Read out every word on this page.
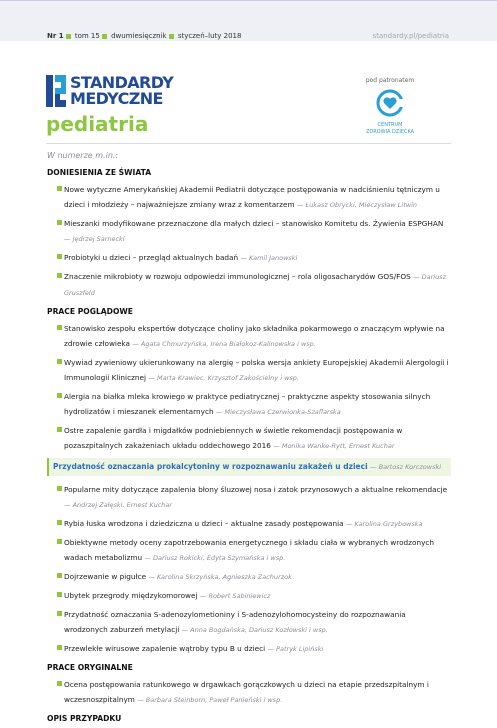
Nr 1 tom 15 dwumiesięcznik styczeń–luty 2018	standardy.pl/pediatria
STANDARDY
MEDYCZNE
pediatria
pod patronatem
CENTRUM
ZDROWIA DZIECKA
W numerze m.in.:
DONIESIENIA ZE ŚWIATA
Nowe wytyczne Amerykańskiej Akademii Pediatrii dotyczące postępowania w nadciśnieniu tętniczym u dzieci i młodzieży – najważniejsze zmiany wraz z komentarzem — Łukasz Obrycki, Mieczysław Litwin
Mieszanki modyfikowane przeznaczone dla małych dzieci – stanowisko Komitetu ds. Żywienia ESPGHAN
— Jędrzej Sarnecki
Probiotyki u dzieci – przegląd aktualnych badań — Kamil Janowski
Znaczenie mikrobioty w rozwoju odpowiedzi immunologicznej – rola oligosacharydów GOS/FOS — Dariusz Gruszfeld
PRACE POGLĄDOWE
Stanowisko zespołu ekspertów dotyczące choliny jako składnika pokarmowego o znaczącym wpływie na zdrowie człowieka — Agata Chmurzyńska, Irena Białokoz-Kalinowska i wsp.
Wywiad zywieniowy ukierunkowany na alergię – polska wersja ankiety Europejskiej Akademii Alergologii i Immunologii Klinicznej — Marta Krawiec, Krzysztof Zakościelny i wsp.
Alergia na białka mleka krowiego w praktyce pediatrycznej – praktyczne aspekty stosowania silnych hydrolizatów i mieszanek elementarnych — Mieczysława Czerwionka-Szaflarska
Ostre zapalenie gardła i migdałków podniebiennych w świetle rekomendacji postępowania w pozaszpitalnych zakażeniach układu oddechowego 2016 — Monika Wanke-Rytt, Ernest Kuchar
Przydatność oznaczania prokalcytoniny w rozpoznawaniu zakażeń u dzieci — Bartosz Korczowski
Popularne mity dotyczące zapalenia błony śluzowej nosa i zatok przynosowych a aktualne rekomendacje — Andrzej Załęski, Ernest Kuchar
Rybia łuska wrodzona i dziedziczna u dzieci – aktualne zasady postępowania — Karolina Grzybowska
Obiektywne metody oceny zapotrzebowania energetycznego i składu ciała w wybranych wrodzonych wadach metabolizmu — Dariusz Rokicki, Edyta Szymańska i wsp.
Dojrzewanie w pigułce — Karolina Skrzyńska, Agnieszka Zachurzok
Ubytek przegrody międzykomorowej — Robert Sabiniewicz
Przydatność oznaczania S-adenozylometioniny i S-adenozylohomocysteiny do rozpoznawania wrodzonych zaburzeń metylacji — Anna Bogdańska, Dariusz Kozłowski i wsp.
Przewlekłe wirusowe zapalenie wątroby typu B u dzieci — Patryk Lipiński
PRACE ORYGINALNE
Ocena postępowania ratunkowego w drgawkach gorączkowych u dzieci na etapie przedszpitalnym i wczesnoszpitalnym — Barbara Steinborn, Paweł Panieński i wsp.
OPIS PRZYPADKU
